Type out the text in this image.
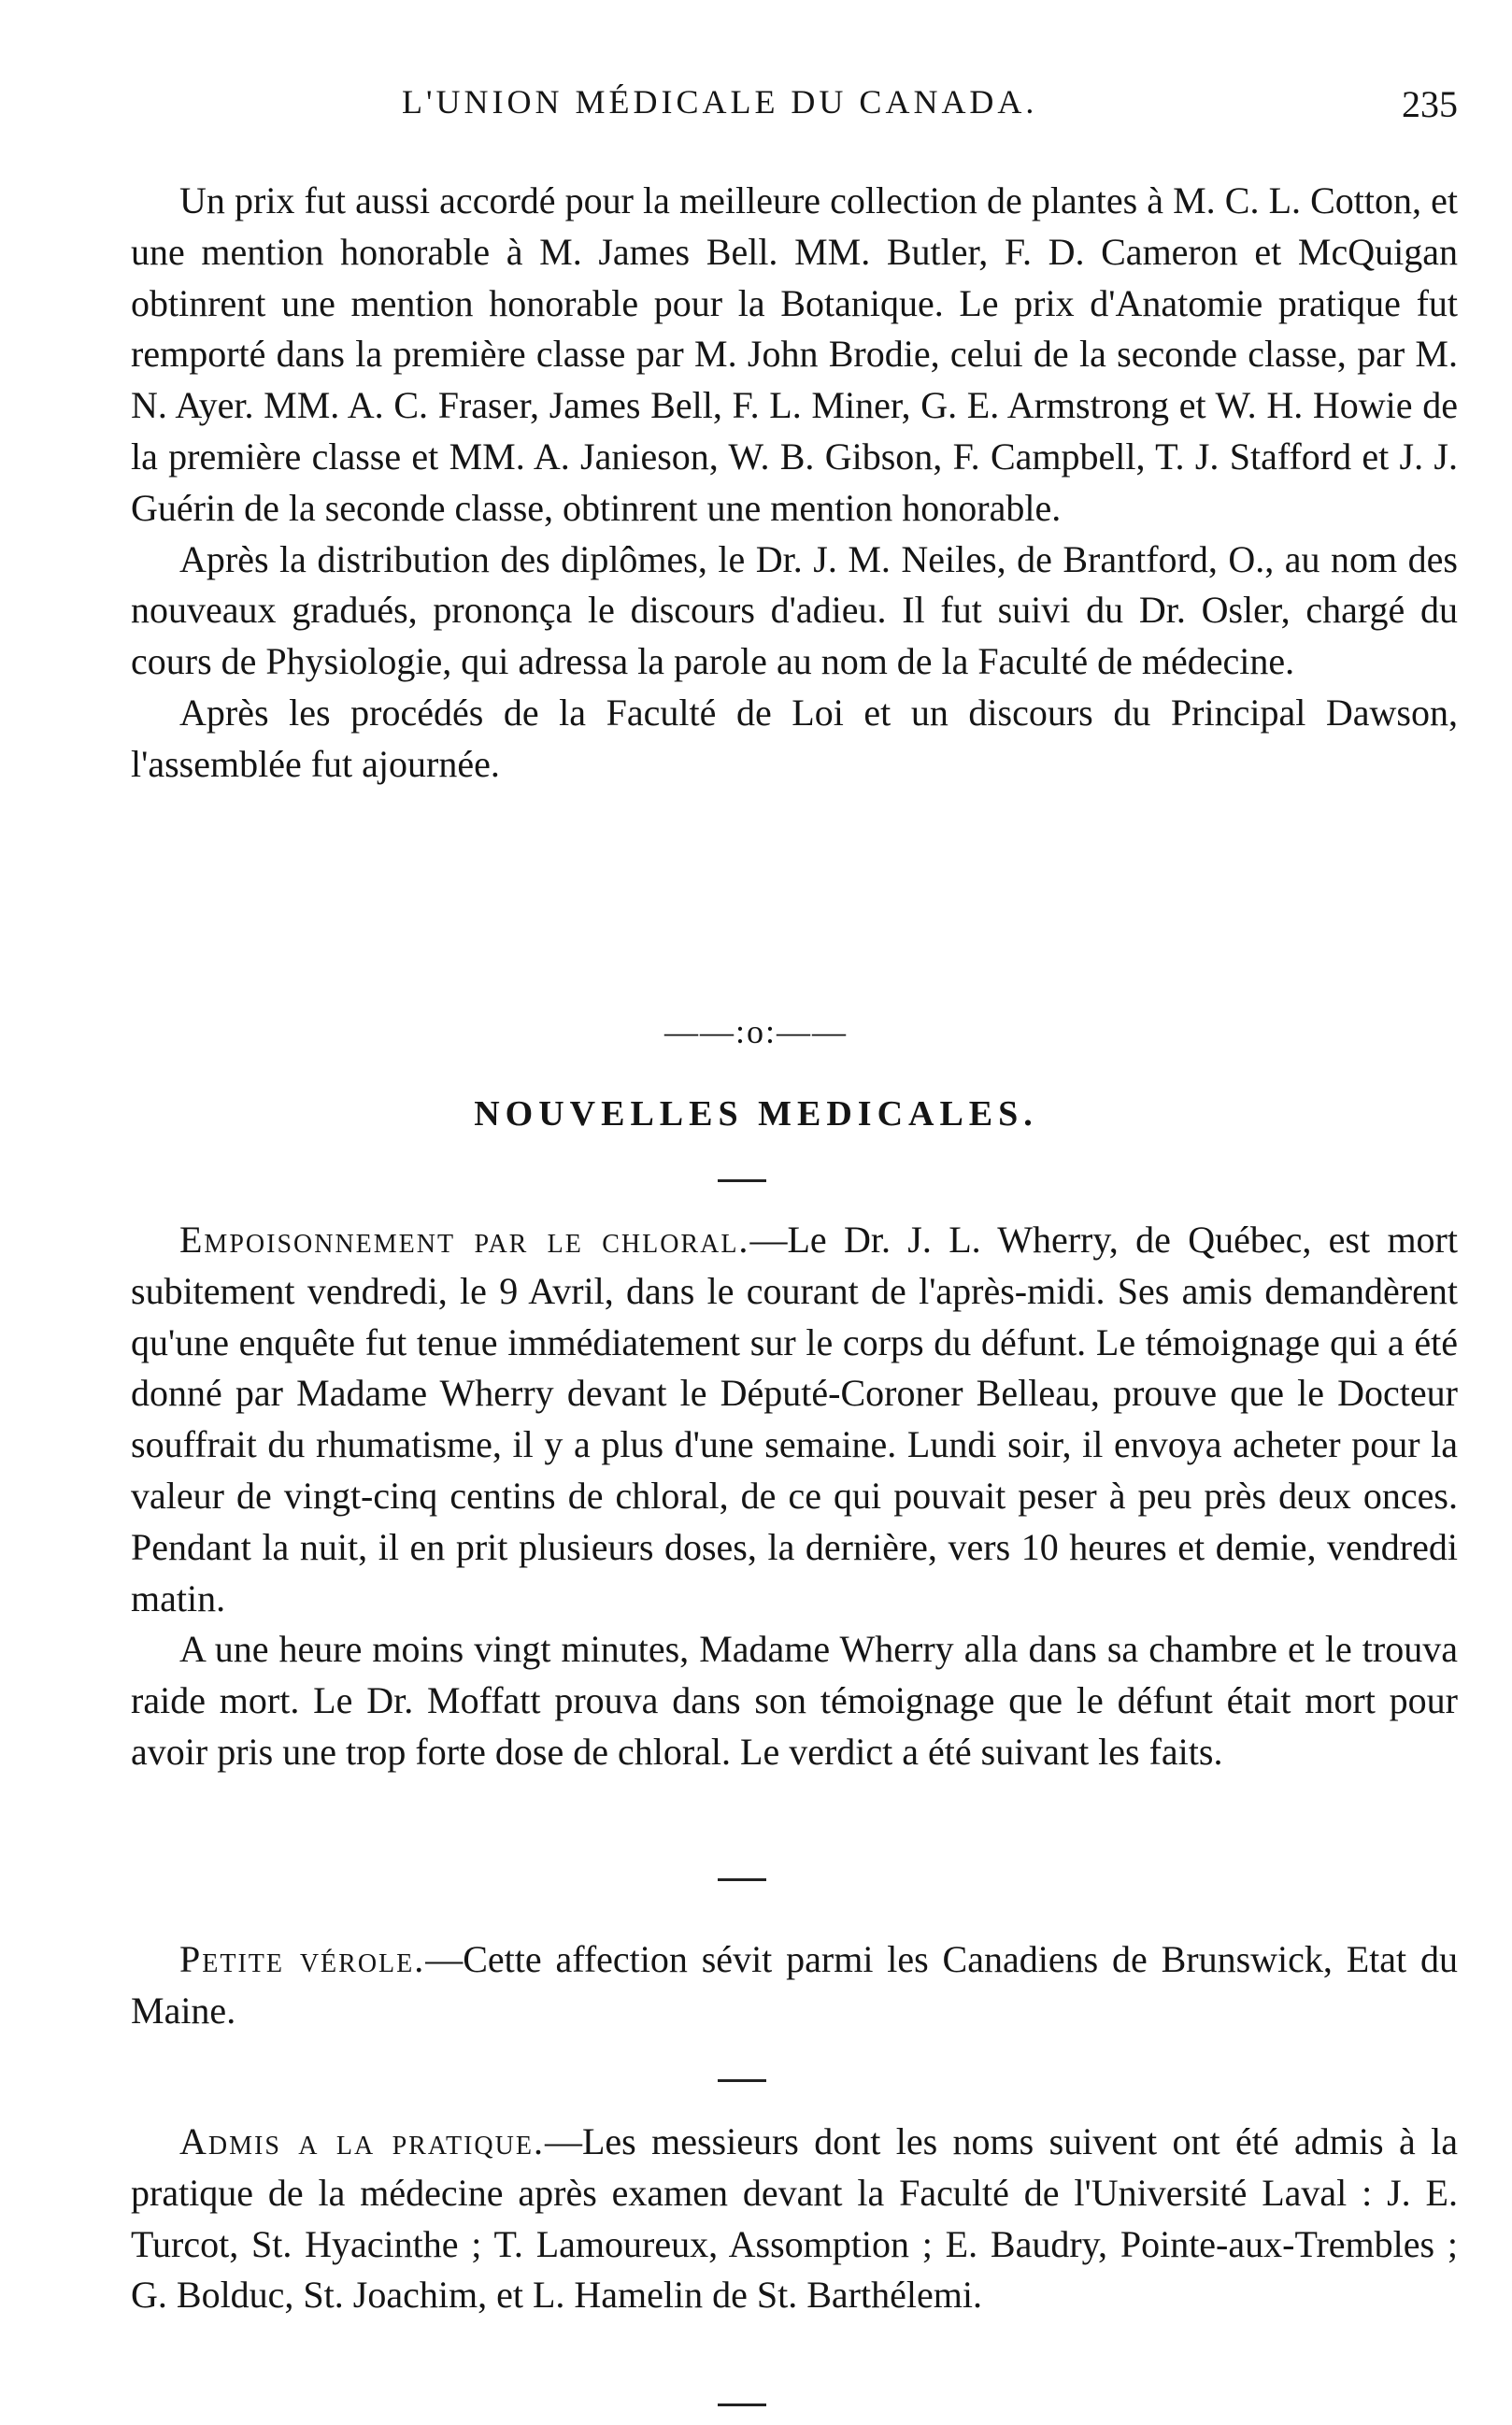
L'UNION MÉDICALE DU CANADA.	235

Un prix fut aussi accordé pour la meilleure collection de plantes à M. C. L. Cotton, et une mention honorable à M. James Bell. MM. Butler, F. D. Cameron et McQuigan obtinrent une mention honorable pour la Botanique. Le prix d'Anatomie pratique fut remporté dans la première classe par M. John Brodie, celui de la seconde classe, par M. N. Ayer. MM. A. C. Fraser, James Bell, F. L. Miner, G. E. Armstrong et W. H. Howie de la première classe et MM. A. Janieson, W. B. Gibson, F. Campbell, T. J. Stafford et J. J. Guérin de la seconde classe, obtinrent une mention honorable.

Après la distribution des diplômes, le Dr. J. M. Neiles, de Brantford, O., au nom des nouveaux gradués, prononça le discours d'adieu. Il fut suivi du Dr. Osler, chargé du cours de Physiologie, qui adressa la parole au nom de la Faculté de médecine.

Après les procédés de la Faculté de Loi et un discours du Principal Dawson, l'assemblée fut ajournée.

——:o:——
NOUVELLES MEDICALES.

Empoisonnement par le chloral.—Le Dr. J. L. Wherry, de Québec, est mort subitement vendredi, le 9 Avril, dans le courant de l'après-midi. Ses amis demandèrent qu'une enquête fut tenue immédiatement sur le corps du défunt. Le témoignage qui a été donné par Madame Wherry devant le Député-Coroner Belleau, prouve que le Docteur souffrait du rhumatisme, il y a plus d'une semaine. Lundi soir, il envoya acheter pour la valeur de vingt-cinq centins de chloral, de ce qui pouvait peser à peu près deux onces. Pendant la nuit, il en prit plusieurs doses, la dernière, vers 10 heures et demie, vendredi matin.

A une heure moins vingt minutes, Madame Wherry alla dans sa chambre et le trouva raide mort. Le Dr. Moffatt prouva dans son témoignage que le défunt était mort pour avoir pris une trop forte dose de chloral. Le verdict a été suivant les faits.

Petite vérole.—Cette affection sévit parmi les Canadiens de Brunswick, Etat du Maine.

Admis a la pratique.—Les messieurs dont les noms suivent ont été admis à la pratique de la médecine après examen devant la Faculté de l'Université Laval : J. E. Turcot, St. Hyacinthe ; T. Lamoureux, Assomption ; E. Baudry, Pointe-aux-Trembles ; G. Bolduc, St. Joachim, et L. Hamelin de St. Barthélemi.
